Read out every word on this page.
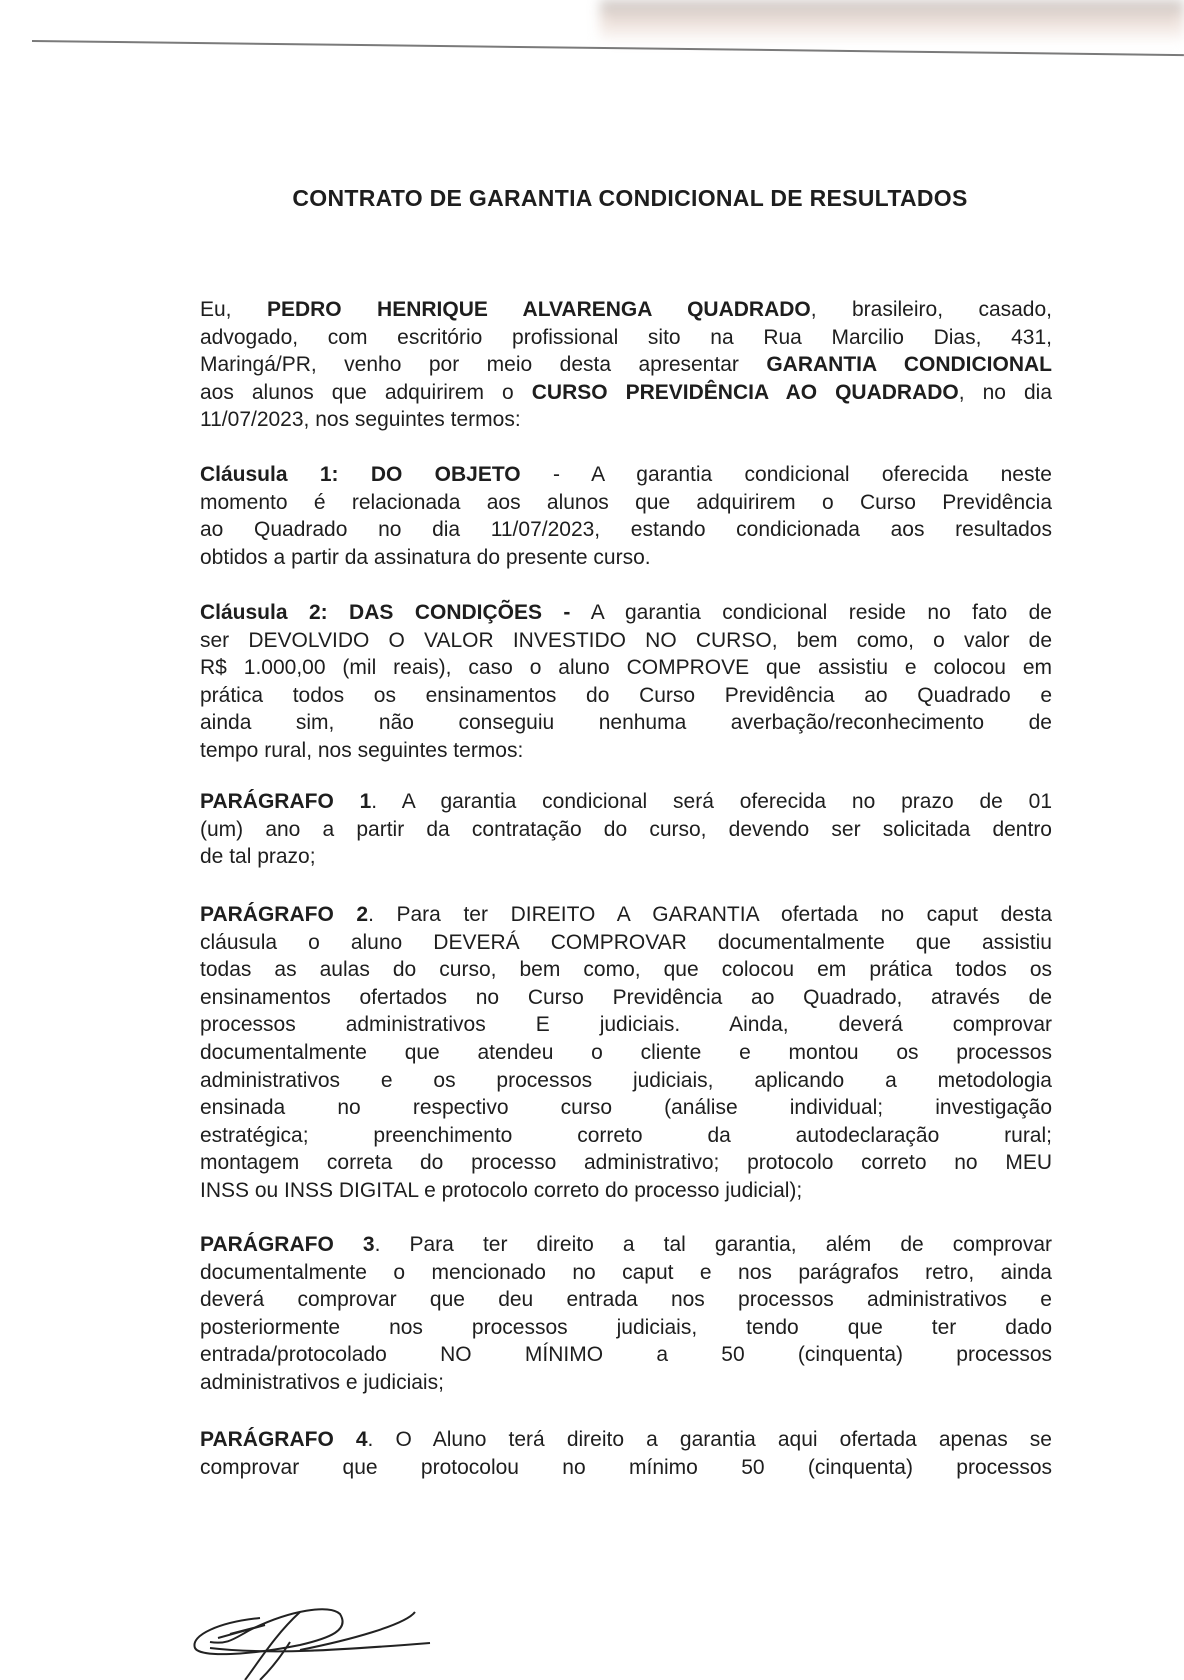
CONTRATO DE GARANTIA CONDICIONAL DE RESULTADOS
Eu, PEDRO HENRIQUE ALVARENGA QUADRADO, brasileiro, casado,
advogado, com escritório profissional sito na Rua Marcilio Dias, 431,
Maringá/PR, venho por meio desta apresentar GARANTIA CONDICIONAL
aos alunos que adquirirem o CURSO PREVIDÊNCIA AO QUADRADO, no dia
11/07/2023, nos seguintes termos:
Cláusula 1: DO OBJETO - A garantia condicional oferecida neste
momento é relacionada aos alunos que adquirirem o Curso Previdência
ao Quadrado no dia 11/07/2023, estando condicionada aos resultados
obtidos a partir da assinatura do presente curso.
Cláusula 2: DAS CONDIÇÕES - A garantia condicional reside no fato de
ser DEVOLVIDO O VALOR INVESTIDO NO CURSO, bem como, o valor de
R$ 1.000,00 (mil reais), caso o aluno COMPROVE que assistiu e colocou em
prática todos os ensinamentos do Curso Previdência ao Quadrado e
ainda sim, não conseguiu nenhuma averbação/reconhecimento de
tempo rural, nos seguintes termos:
PARÁGRAFO 1. A garantia condicional será oferecida no prazo de 01
(um) ano a partir da contratação do curso, devendo ser solicitada dentro
de tal prazo;
PARÁGRAFO 2. Para ter DIREITO A GARANTIA ofertada no caput desta
cláusula o aluno DEVERÁ COMPROVAR documentalmente que assistiu
todas as aulas do curso, bem como, que colocou em prática todos os
ensinamentos ofertados no Curso Previdência ao Quadrado, através de
processos administrativos E judiciais. Ainda, deverá comprovar
documentalmente que atendeu o cliente e montou os processos
administrativos e os processos judiciais, aplicando a metodologia
ensinada no respectivo curso (análise individual; investigação
estratégica; preenchimento correto da autodeclaração rural;
montagem correta do processo administrativo; protocolo correto no MEU
INSS ou INSS DIGITAL e protocolo correto do processo judicial);
PARÁGRAFO 3. Para ter direito a tal garantia, além de comprovar
documentalmente o mencionado no caput e nos parágrafos retro, ainda
deverá comprovar que deu entrada nos processos administrativos e
posteriormente nos processos judiciais, tendo que ter dado
entrada/protocolado NO MÍNIMO a 50 (cinquenta) processos
administrativos e judiciais;
PARÁGRAFO 4. O Aluno terá direito a garantia aqui ofertada apenas se
comprovar que protocolou no mínimo 50 (cinquenta) processos
